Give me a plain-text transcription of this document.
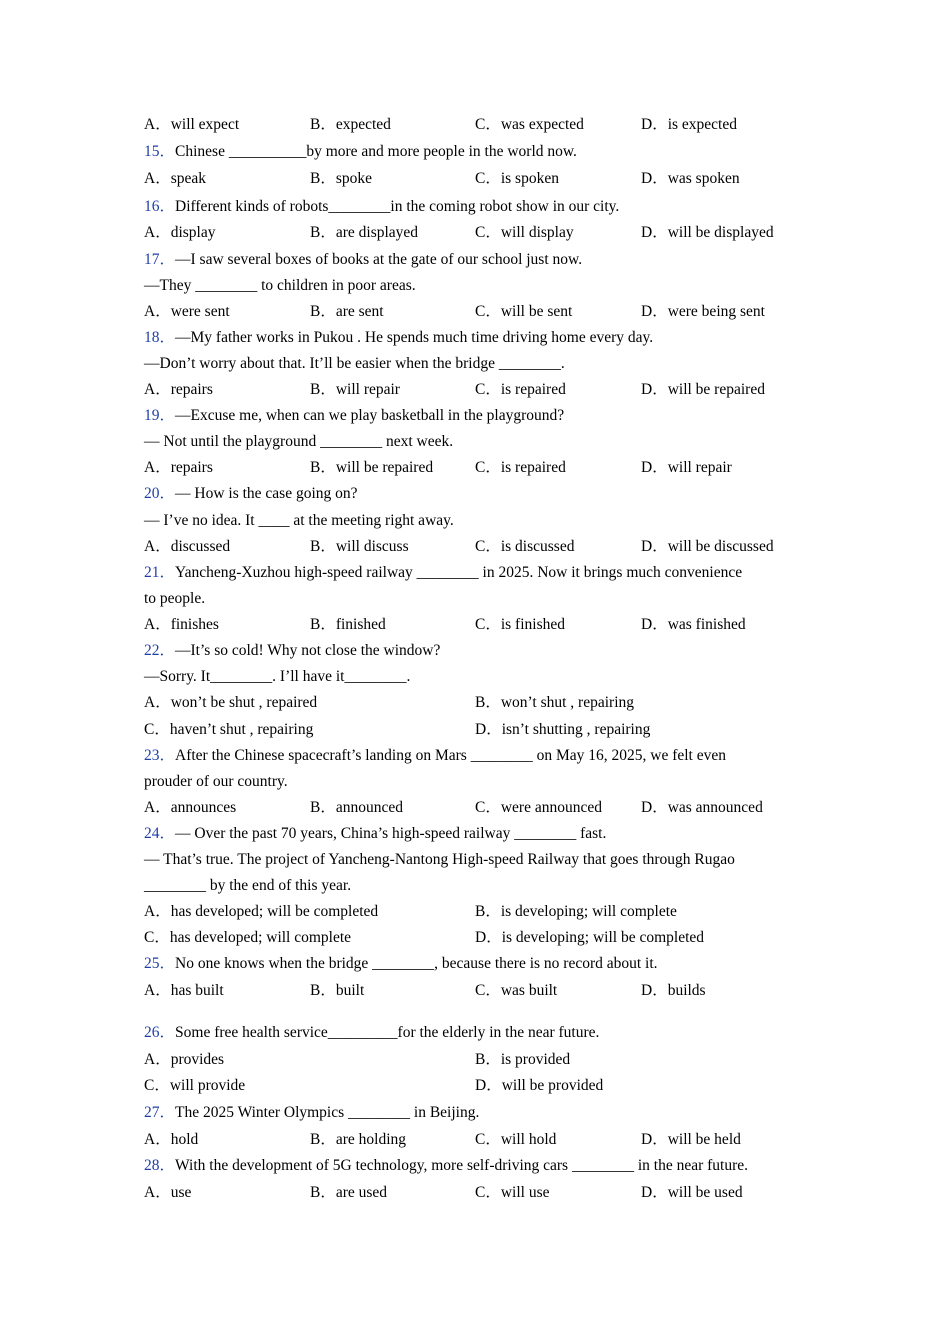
A．will expect	B．expected	C．was expected	D．is expected
15．Chinese __________by more and more people in the world now.
A．speak	B．spoke	C．is spoken	D．was spoken
16．Different kinds of robots________in the coming robot show in our city.
A．display	B．are displayed	C．will display	D．will be displayed
17．—I saw several boxes of books at the gate of our school just now.
—They ________ to children in poor areas.
A．were sent	B．are sent	C．will be sent	D．were being sent
18．—My father works in Pukou . He spends much time driving home every day.
—Don’t worry about that. It’ll be easier when the bridge ________.
A．repairs	B．will repair	C．is repaired	D．will be repaired
19．—Excuse me, when can we play basketball in the playground?
— Not until the playground ________ next week.
A．repairs	B．will be repaired	C．is repaired	D．will repair
20．— How is the case going on?
— I’ve no idea. It ____ at the meeting right away.
A．discussed	B．will discuss	C．is discussed	D．will be discussed
21．Yancheng-Xuzhou high-speed railway ________ in 2025. Now it brings much convenience
to people.
A．finishes	B．finished	C．is finished	D．was finished
22．—It’s so cold! Why not close the window?
—Sorry. It________. I’ll have it________.
A．won’t be shut , repaired	B．won’t shut , repairing
C．haven’t shut , repairing	D．isn’t shutting , repairing
23．After the Chinese spacecraft’s landing on Mars ________ on May 16, 2025, we felt even
prouder of our country.
A．announces	B．announced	C．were announced	D．was announced
24．— Over the past 70 years, China’s high-speed railway ________ fast.
— That’s true. The project of Yancheng-Nantong High-speed Railway that goes through Rugao
________ by the end of this year.
A．has developed; will be completed	B．is developing; will complete
C．has developed; will complete	D．is developing; will be completed
25．No one knows when the bridge ________, because there is no record about it.
A．has built	B．built	C．was built	D．builds
26．Some free health service_________for the elderly in the near future.
A．provides	B．is provided
C．will provide	D．will be provided
27．The 2025 Winter Olympics ________ in Beijing.
A．hold	B．are holding	C．will hold	D．will be held
28．With the development of 5G technology, more self-driving cars ________ in the near future.
A．use	B．are used	C．will use	D．will be used
